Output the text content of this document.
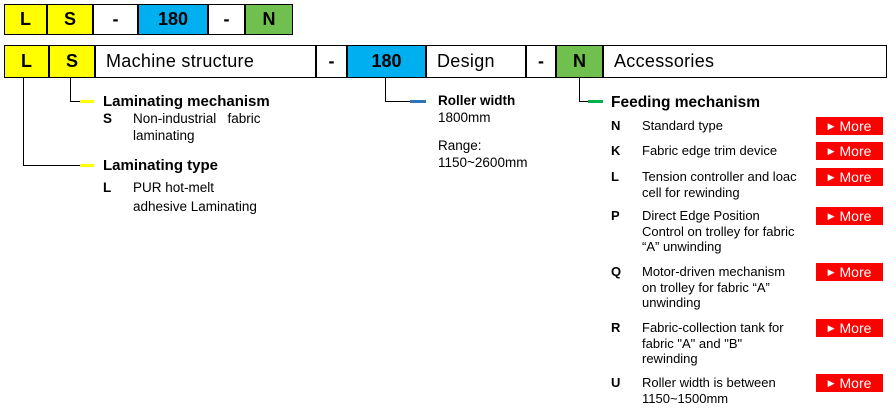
L	S	-	180	-	N
L	S	Machine structure	-	180	Design	-	N	Accessories
Laminating mechanism
S Non-industrial   fabric
laminating
Laminating type
L PUR hot-melt
adhesive Laminating
Roller width
1800mm
Range:
1150~2600mm
Feeding mechanism
N Standard type	▶ More
K Fabric edge trim device	▶ More
L Tension controller and loac
cell for rewinding
▶ More
P Direct Edge Position
Control on trolley for fabric
“A” unwinding
▶ More
Q Motor-driven mechanism
on trolley for fabric “A”
unwinding
▶ More
R Fabric-collection tank for
fabric "A" and "B"
rewinding
▶ More
U Roller width is between
1150~1500mm
▶ More
